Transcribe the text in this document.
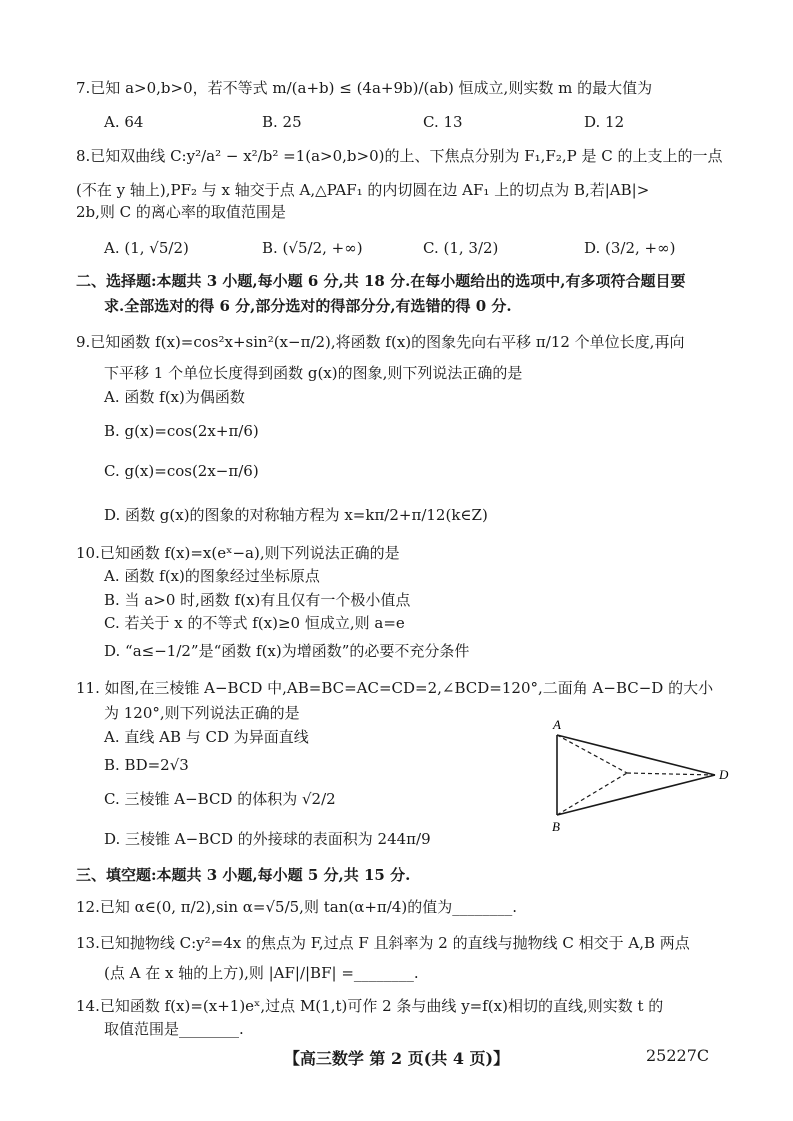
7.已知 a>0,b>0，若不等式 m/(a+b) ≤ (4a+9b)/(ab) 恒成立,则实数 m 的最大值为
A. 64	B. 25	C. 13	D. 12
8.已知双曲线 C:y²/a² − x²/b² =1(a>0,b>0)的上、下焦点分别为 F₁,F₂,P 是 C 的上支上的一点
(不在 y 轴上),PF₂ 与 x 轴交于点 A,△PAF₁ 的内切圆在边 AF₁ 上的切点为 B,若|AB|>
2b,则 C 的离心率的取值范围是
A. (1, √5/2)	B. (√5/2, +∞)	C. (1, 3/2)	D. (3/2, +∞)
二、选择题:本题共 3 小题,每小题 6 分,共 18 分.在每小题给出的选项中,有多项符合题目要
求.全部选对的得 6 分,部分选对的得部分分,有选错的得 0 分.
9.已知函数 f(x)=cos²x+sin²(x−π/2),将函数 f(x)的图象先向右平移 π/12 个单位长度,再向
下平移 1 个单位长度得到函数 g(x)的图象,则下列说法正确的是
A. 函数 f(x)为偶函数
B. g(x)=cos(2x+π/6)
C. g(x)=cos(2x−π/6)
D. 函数 g(x)的图象的对称轴方程为 x=kπ/2+π/12(k∈Z)
10.已知函数 f(x)=x(eˣ−a),则下列说法正确的是
A. 函数 f(x)的图象经过坐标原点
B. 当 a>0 时,函数 f(x)有且仅有一个极小值点
C. 若关于 x 的不等式 f(x)≥0 恒成立,则 a=e
D. “a≤−1/2”是“函数 f(x)为增函数”的必要不充分条件
11. 如图,在三棱锥 A−BCD 中,AB=BC=AC=CD=2,∠BCD=120°,二面角 A−BC−D 的大小
为 120°,则下列说法正确的是
A. 直线 AB 与 CD 为异面直线
B. BD=2√3
C. 三棱锥 A−BCD 的体积为 √2/2
D. 三棱锥 A−BCD 的外接球的表面积为 244π/9
A
B
D
三、填空题:本题共 3 小题,每小题 5 分,共 15 分.
12.已知 α∈(0, π/2),sin α=√5/5,则 tan(α+π/4)的值为________.
13.已知抛物线 C:y²=4x 的焦点为 F,过点 F 且斜率为 2 的直线与抛物线 C 相交于 A,B 两点
(点 A 在 x 轴的上方),则 |AF|/|BF| =________.
14.已知函数 f(x)=(x+1)eˣ,过点 M(1,t)可作 2 条与曲线 y=f(x)相切的直线,则实数 t 的
取值范围是________.
【高三数学 第 2 页(共 4 页)】	25227C
